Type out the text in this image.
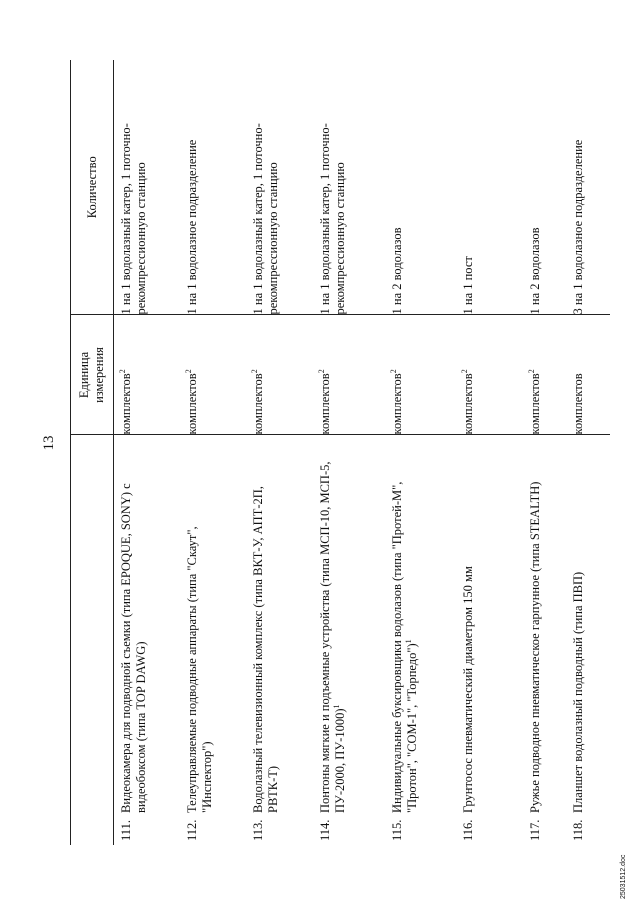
13
	Единица
измерения	Количество
111.Видеокамера для подводной съемки (типа EPOQUE, SONY) с видеобоксом (типа TOP DAWG)	комплектов$^2$	1 на 1 водолазный катер, 1 поточно-рекомпрессионную станцию
112.Телеуправляемые подводные аппараты (типа "Скаут", "Инспектор")	комплектов$^2$	1 на 1 водолазное подразделение
113.Водолазный телевизионный комплекс (типа ВКТ-У, АПТ-2П, РВТК-Т)	комплектов$^2$	1 на 1 водолазный катер, 1 поточно-рекомпрессионную станцию
114.Понтоны мягкие и подъемные устройства (типа МСП-10, МСП-5, ПУ-2000, ПУ-1000)$^1$	комплектов$^2$	1 на 1 водолазный катер, 1 поточно-рекомпрессионную станцию
115.Индивидуальные буксировщики водолазов (типа "Протей-М", "Протон", "СОМ-1", "Торпедо")$^1$	комплектов$^2$	1 на 2 водолазов
116.Грунтосос пневматический диаметром 150 мм	комплектов$^2$	1 на 1 пост
117.Ружье подводное пневматическое гарпунное (типа STEALTH)	комплектов$^2$	1 на 2 водолазов
118.Планшет водолазный подводный (типа ПВП)	комплектов	3 на 1 водолазное подразделение
25031512.doc
